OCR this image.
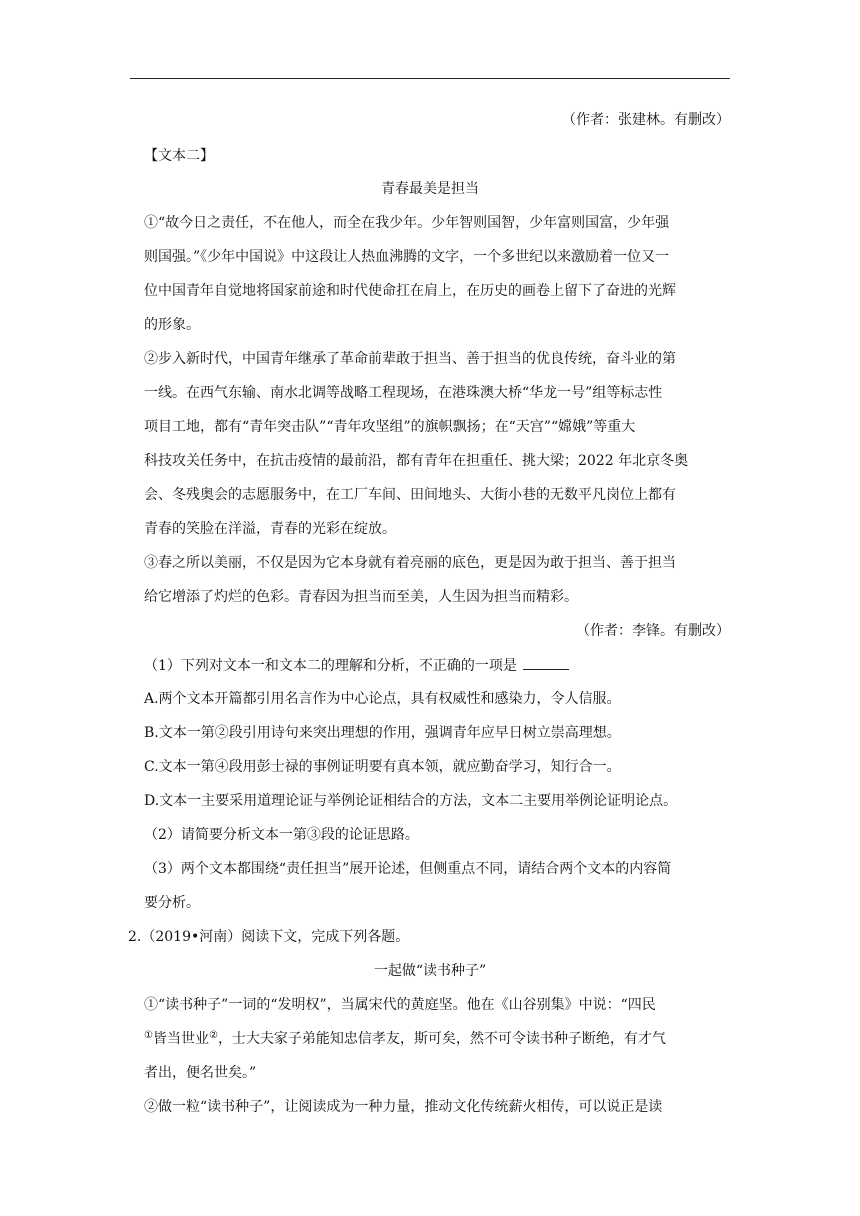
（作者：张建林。有删改）
【文本二】
青春最美是担当
①“故今日之责任，不在他人，而全在我少年。少年智则国智，少年富则国富，少年强
则国强。”《少年中国说》中这段让人热血沸腾的文字，一个多世纪以来激励着一位又一
位中国青年自觉地将国家前途和时代使命扛在肩上，在历史的画卷上留下了奋进的光辉
的形象。
②步入新时代，中国青年继承了革命前辈敢于担当、善于担当的优良传统，奋斗业的第
一线。在西气东输、南水北调等战略工程现场，在港珠澳大桥“华龙一号”组等标志性
项目工地，都有“青年突击队”“青年攻坚组”的旗帜飘扬；在“天宫”“嫦娥”等重大
科技攻关任务中，在抗击疫情的最前沿，都有青年在担重任、挑大梁；2022 年北京冬奥
会、冬残奥会的志愿服务中，在工厂车间、田间地头、大街小巷的无数平凡岗位上都有
青春的笑脸在洋溢，青春的光彩在绽放。
③春之所以美丽，不仅是因为它本身就有着亮丽的底色，更是因为敢于担当、善于担当
给它增添了灼烂的色彩。青春因为担当而至美，人生因为担当而精彩。
（作者：李锋。有删改）
（1）下列对文本一和文本二的理解和分析，不正确的一项是
A.两个文本开篇都引用名言作为中心论点，具有权威性和感染力，令人信服。
B.文本一第②段引用诗句来突出理想的作用，强调青年应早日树立崇高理想。
C.文本一第④段用彭士禄的事例证明要有真本领，就应勤奋学习，知行合一。
D.文本一主要采用道理论证与举例论证相结合的方法，文本二主要用举例论证明论点。
（2）请简要分析文本一第③段的论证思路。
（3）两个文本都围绕“责任担当”展开论述，但侧重点不同，请结合两个文本的内容简
要分析。
2.（2019•河南）阅读下文，完成下列各题。
一起做“读书种子”
①“读书种子”一词的“发明权”，当属宋代的黄庭坚。他在《山谷别集》中说：“四民
①皆当世业②，士大夫家子弟能知忠信孝友，斯可矣，然不可令读书种子断绝，有才气
者出，便名世矣。”
②做一粒“读书种子”，让阅读成为一种力量，推动文化传统薪火相传，可以说正是读
